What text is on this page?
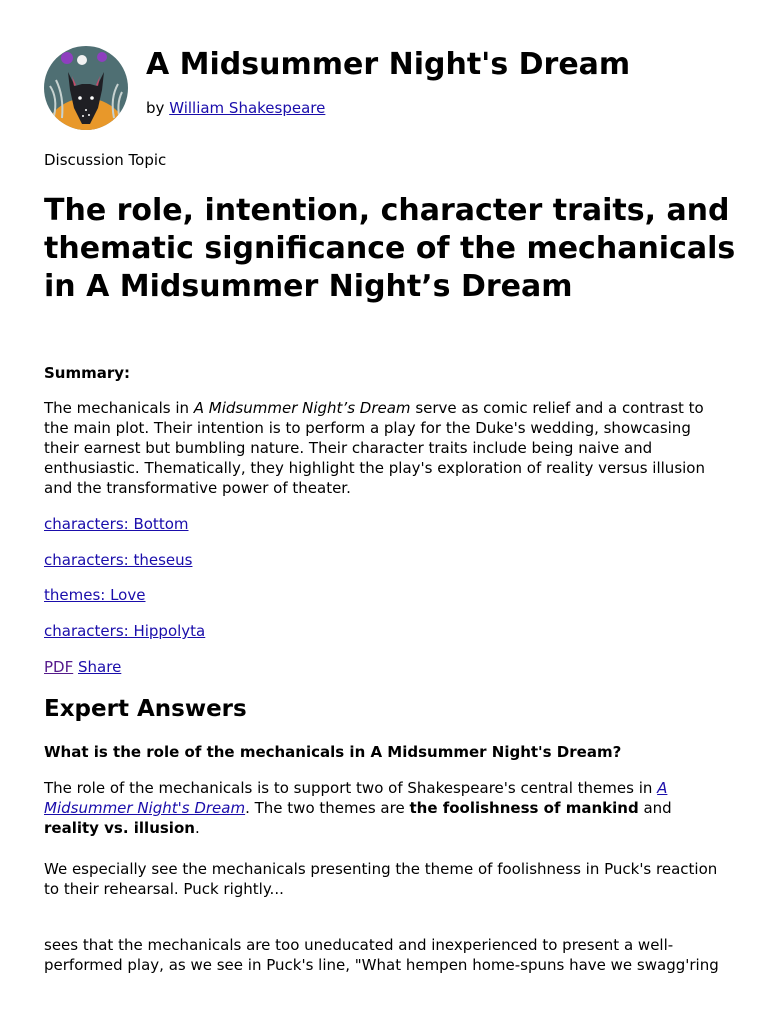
A Midsummer Night's Dream
by William Shakespeare
Discussion Topic
The role, intention, character traits, and thematic significance of the mechanicals in A Midsummer Night’s Dream
Summary:

The mechanicals in A Midsummer Night’s Dream serve as comic relief and a contrast to the main plot. Their intention is to perform a play for the Duke's wedding, showcasing their earnest but bumbling nature. Their character traits include being naive and enthusiastic. Thematically, they highlight the play's exploration of reality versus illusion and the transformative power of theater.

characters: Bottom
characters: theseus
themes: Love
characters: Hippolyta
PDF Share
Expert Answers
What is the role of the mechanicals in A Midsummer Night's Dream?

The role of the mechanicals is to support two of Shakespeare's central themes in A Midsummer Night's Dream. The two themes are the foolishness of mankind and reality vs. illusion.

We especially see the mechanicals presenting the theme of foolishness in Puck's reaction to their rehearsal. Puck rightly...

sees that the mechanicals are too uneducated and inexperienced to present a well-performed play, as we see in Puck's line, "What hempen home-spuns have we swagg'ring
